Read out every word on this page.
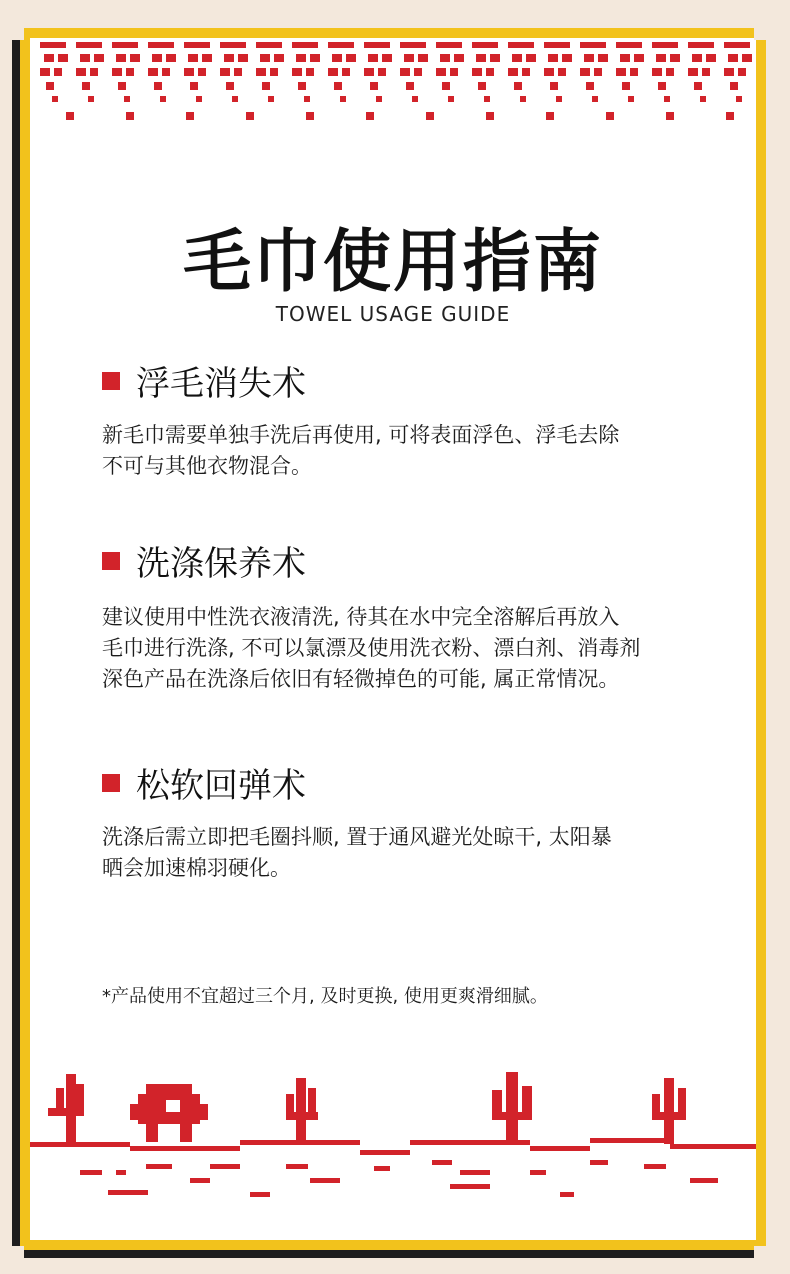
毛巾使用指南
TOWEL USAGE GUIDE
浮毛消失术
新毛巾需要单独手洗后再使用, 可将表面浮色、浮毛去除
不可与其他衣物混合。
洗涤保养术
建议使用中性洗衣液清洗, 待其在水中完全溶解后再放入
毛巾进行洗涤, 不可以氯漂及使用洗衣粉、漂白剂、消毒剂
深色产品在洗涤后依旧有轻微掉色的可能, 属正常情况。
松软回弹术
洗涤后需立即把毛圈抖顺, 置于通风避光处晾干, 太阳暴
晒会加速棉羽硬化。
*产品使用不宜超过三个月, 及时更换, 使用更爽滑细腻。
